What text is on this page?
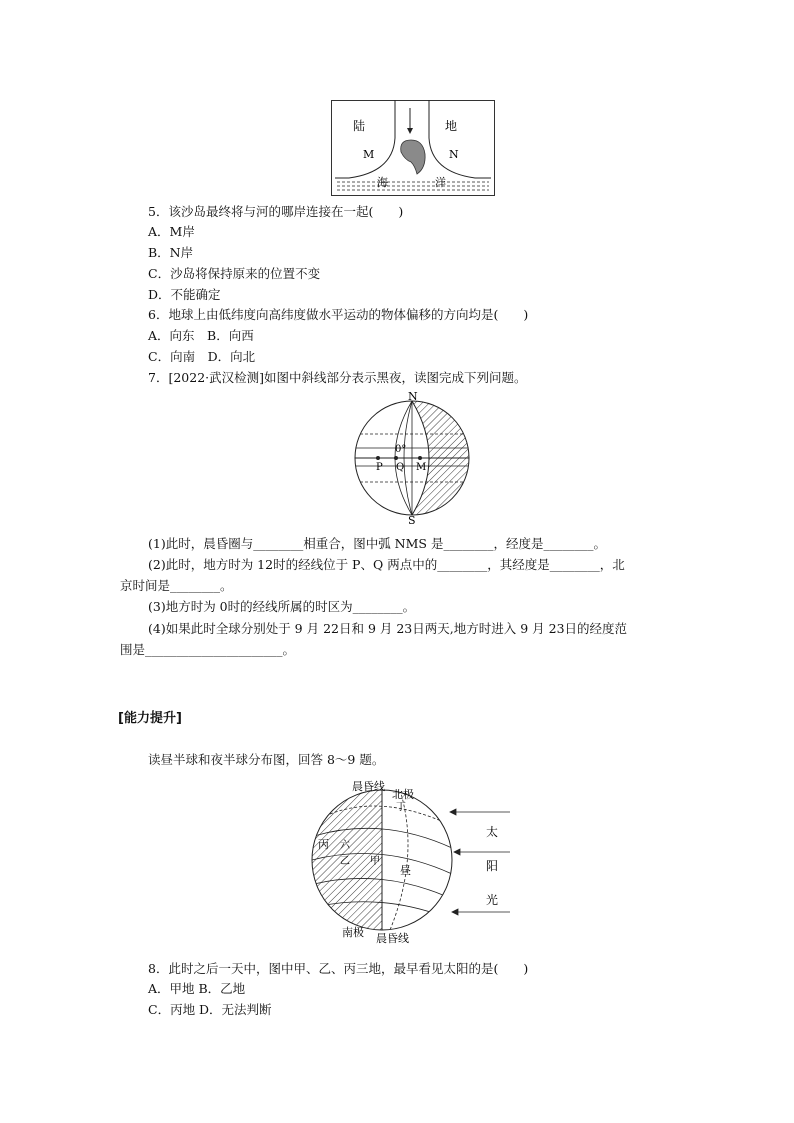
陆	地
M	N
海	洋
5．该沙岛最终将与河的哪岸连接在一起(　　)
A．M岸
B．N岸
C．沙岛将保持原来的位置不变
D．不能确定
6．地球上由低纬度向高纬度做水平运动的物体偏移的方向均是(　　)
A．向东　B．向西
C．向南　D．向北
7．[2022·武汉检测]如图中斜线部分表示黑夜，读图完成下列问题。
N
S
0°
P Q M
(1)此时，晨昏圈与________相重合，图中弧 NMS 是________，经度是________。
(2)此时，地方时为 12时的经线位于 P、Q 两点中的________，其经度是________，北
京时间是________。
(3)地方时为 0时的经线所属的时区为________。
(4)如果此时全球分别处于 9 月 22日和 9 月 23日两天,地方时进入 9 月 23日的经度范
围是______________________。
[能力提升]
读昼半球和夜半球分布图，回答 8～9 题。
晨昏线
北极
丁
丙 六
乙 甲
昼
太
阳
光
南极 晨昏线
8．此时之后一天中，图中甲、乙、丙三地，最早看见太阳的是(　　)
A．甲地 B．乙地
C．丙地 D．无法判断
